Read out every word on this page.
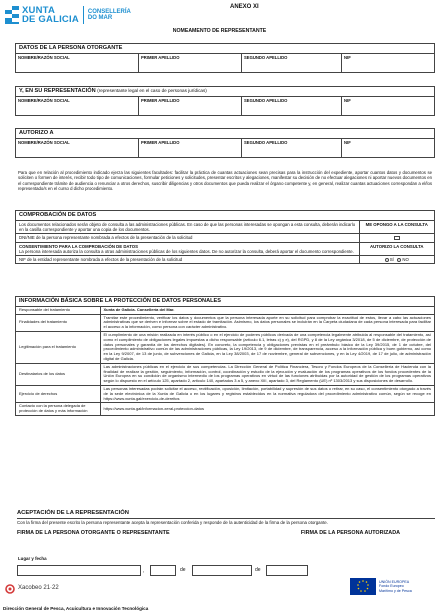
XUNTA
DE GALICIA
CONSELLERÍA
DO MAR
ANEXO XI
NOMEAMENTO DE REPRESENTANTE
DATOS DE LA PERSONA OTORGANTE
NOMBRE/RAZÓN SOCIAL	PRIMER APELLIDO	SEGUNDO APELLIDO	NIF
Y, EN SU REPRESENTACIÓN (representante legal en el caso de personas jurídicas)
NOMBRE/RAZÓN SOCIAL	PRIMER APELLIDO	SEGUNDO APELLIDO	NIF
AUTORIZO A
NOMBRE/RAZÓN SOCIAL	PRIMER APELLIDO	SEGUNDO APELLIDO	NIF
Para que en relación al procedimiento indicado ejerza las siguientes facultades: facilitar la práctica de cuantas actuaciones sean precisas para la instrucción del expediente, aportar cuantos datos y documentos se soliciten o formen de interés, recibir todo tipo de comunicaciones, formular peticiones y solicitudes, presentar escritos y alegaciones, manifestar su decisión de no efectuar alegaciones ni aportar nuevos documentos en el correspondiente trámite de audiencia o renunciar a otros derechos, suscribir diligencias y otros documentos que pueda realizar el órgano competente y, en general, realizar cuantas actuaciones correspondan a el/los representado/s en el curso d dicho procedimiento.
COMPROBACIÓN DE DATOS
Los documentos relacionados serán objeto de consulta a las administraciones públicas. En caso de que las personas interesadas se opongan a esta consulta, deberán indicarlo en la casilla correspondiente y aportar una copia de los documentos.	ME OPONGO A LA CONSULTA
DNI/NIE de la persona representante nombrada a efectos de la presentación de la solicitud	
CONSENTIMIENTO PARA LA COMPROBACIÓN DE DATOS
La persona interesada autoriza la consulta a otras administraciones públicas de los siguientes datos. De no autorizar la consulta, deberá aportar el documento correspondiente.	AUTORIZO LA CONSULTA
NIF de la entidad representante nombrada a efectos de la presentación de la solicitud	SÍ NO
INFORMACIÓN BÁSICA SOBRE LA PROTECCIÓN DE DATOS PERSONALES
Responsable del tratamiento	Xunta de Galicia. Consellería del Mar.
Finalidades del tratamiento	Tramitar este procedimiento, verificar los datos y documentos que la persona interesada aporte en su solicitud para comprobar la exactitud de estos, llevar a cabo las actuaciones administrativas que se deriven e informar sobre el estado de tramitación. Asimismo, los datos personales se incluirán en la Carpeta ciudadana de cada persona interesada para facilitar el acceso a la información, como persona con carácter administrativo.
Legitimación para el tratamiento	El cumplimiento de una misión realizada en interés público o en el ejercicio de poderes públicos derivada de una competencia legalmente atribuida al responsable del tratamiento, así como el cumplimiento de obligaciones legales impuestas a dicho responsable (artículo 6.1, letras c) y e), del RGPD, y 8 de la Ley orgánica 3/2018, de 5 de diciembre, de protección de datos personales y garantía de los derechos digitales). En concreto, la competencia y obligaciones previstas en el preámbulo básico de la Ley 39/2015, de 1 de octubre, del procedimiento administrativo común de las administraciones públicas, la Ley 19/2013, de 9 de diciembre, de transparencia, acceso a la información pública y buen gobierno, así como en la Ley 9/2007, de 13 de junio, de subvenciones de Galicia, en la Ley 38/2003, de 17 de noviembre, general de subvenciones, y en la Ley 4/2019, de 17 de julio, de administración digital de Galicia.
Destinatarios de los datos	Las administraciones públicas en el ejercicio de sus competencias. La Dirección General de Política Financiera, Tesoro y Fondos Europeos de la Consellería de Hacienda con la finalidad de realizar la gestión, seguimiento, información, control, coordinación y estudio de la ejecución y evaluación de los programas operativos de los fondos procedentes de la Unión Europea en su condición de organismo intermedio de los programas operativos en virtud de las funciones atribuidas por la autoridad de gestión de los programas operativos según lo dispuesto en el artículo 125, apartado 2, artículo 140, apartados 3 a 5, y anexo XIII, apartado 3, del Reglamento (UE) nº 1303/2013 y sus disposiciones de desarrollo.
Ejercicio de derechos	Las personas interesadas podrán solicitar el acceso, rectificación, oposición, limitación, portabilidad y supresión de sus datos o retirar, en su caso, el consentimiento otorgado a través de la sede electrónica de la Xunta de Galicia o en los lugares y registros establecidos en la normativa reguladora del procedimiento administrativo común, según se recoge en https://www.xunta.gal/exercicio-de-dereitos
Contacto con la persona delegada de protección de datos y más información	https://www.xunta.gal/informacion-xeral-proteccion-datos
ACEPTACIÓN DE LA REPRESENTACIÓN
Con la firma del presente escrito la persona representante acepta la representación conferida y responde de la autenticidad de la firma de la persona otorgante.
FIRMA DE LA PERSONA OTORGANTE O REPRESENTANTE	FIRMA DE LA PERSONA AUTORIZADA
Lugar y fecha
,	de	de
Xacobeo 21·22
UNIÓN EUROPEA
Fondo Europeo
Marítimo y de Pesca
Dirección General de Pesca, Acuicultura e Innovación Tecnológica
